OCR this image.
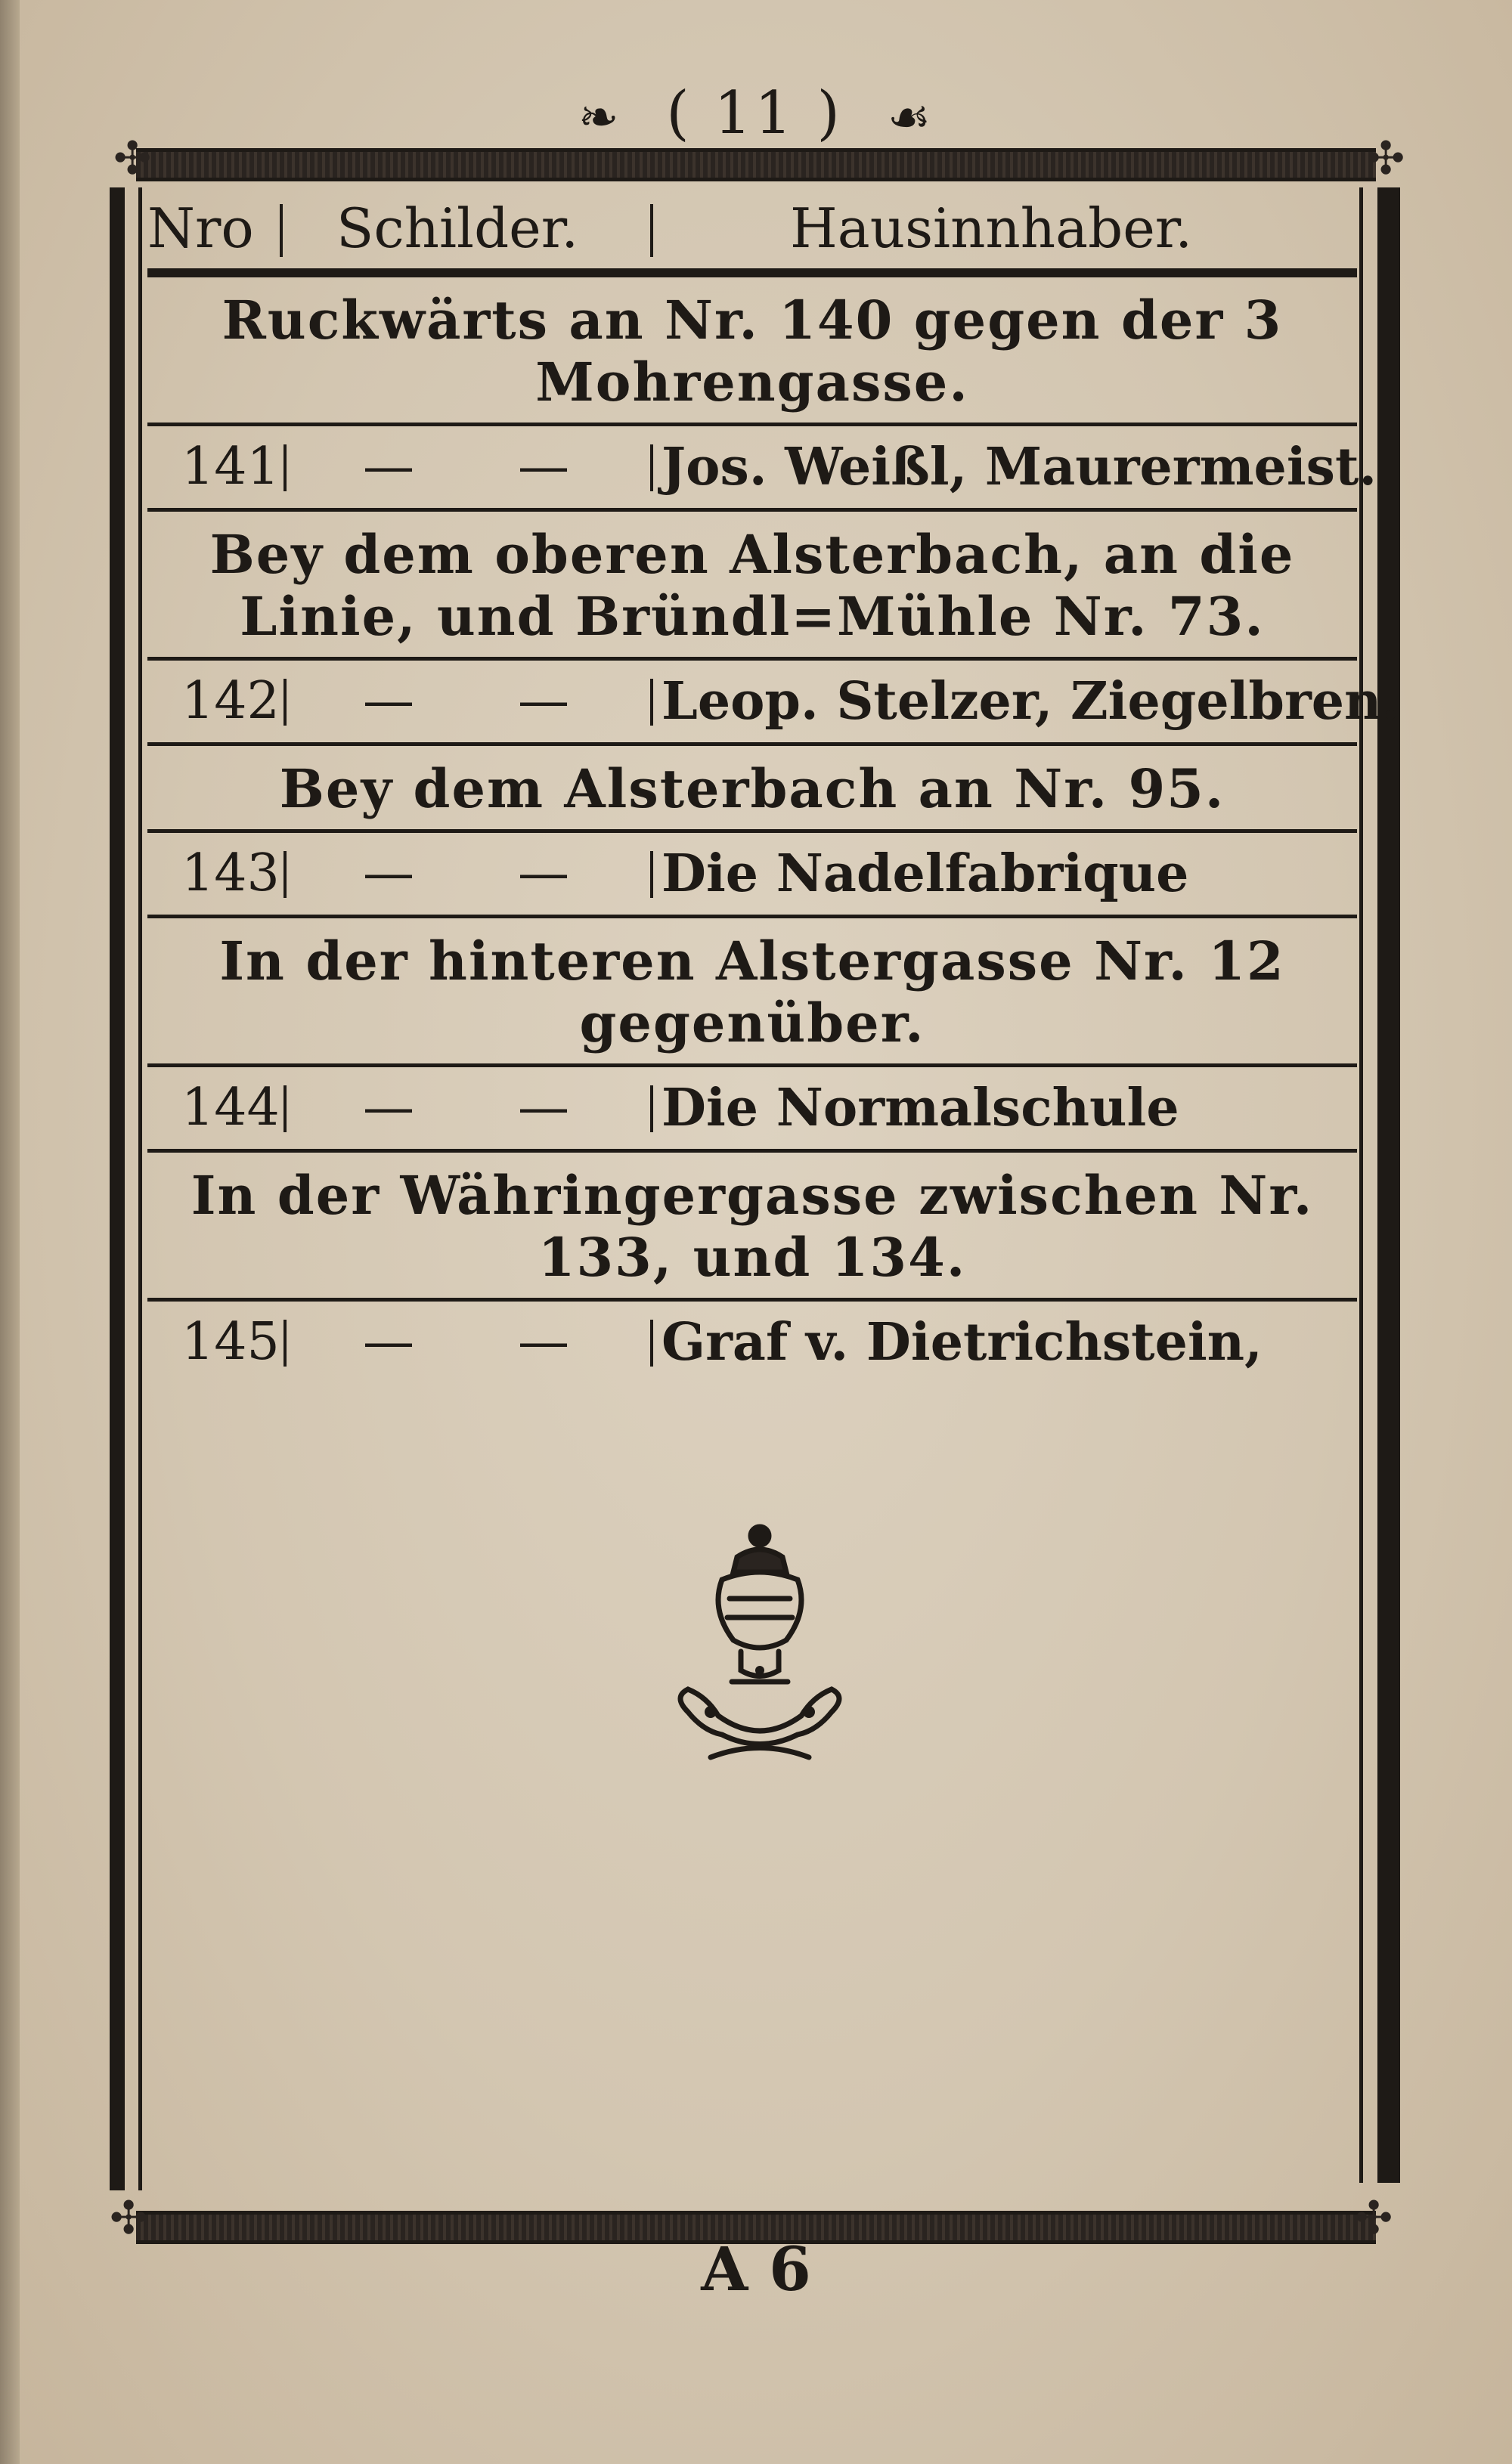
❧ ( 11 ) ☙
✣	✣
✣	✣
Nro	Schilder.	Hausinnhaber.
Ruckwärts an Nr. 140 gegen der 3 Mohrengasse.
141 — — Jos. Weißl, Maurermeist.
Bey dem oberen Alsterbach, an die Linie, und Bründl=Mühle Nr. 73.
142 — — Leop. Stelzer, Ziegelbren.
Bey dem Alsterbach an Nr. 95.
143 — — Die Nadelfabrique
In der hinteren Alstergasse Nr. 12 gegenüber.
144 — — Die Normalschule
In der Währingergasse zwischen Nr. 133, und 134.
145 — — Graf v. Dietrichstein,
A 6
